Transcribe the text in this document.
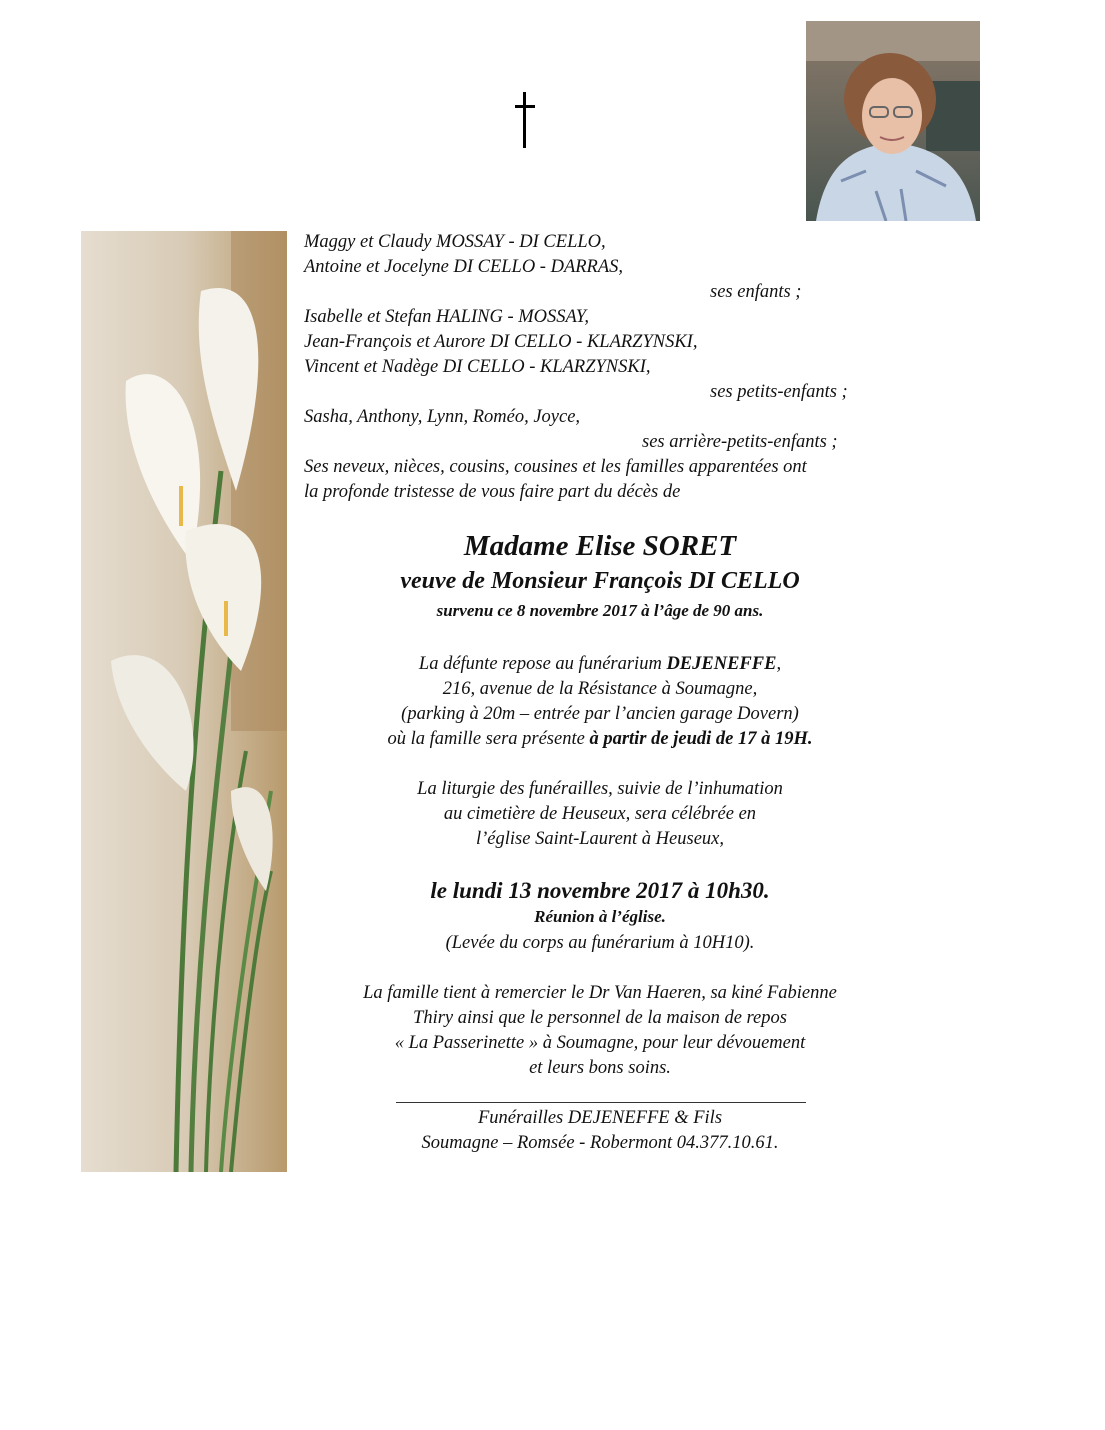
Maggy et Claudy MOSSAY - DI CELLO,

Antoine et Jocelyne DI CELLO - DARRAS,

ses enfants ;

Isabelle et Stefan HALING - MOSSAY,

Jean-François et Aurore DI CELLO - KLARZYNSKI,

Vincent et Nadège DI CELLO - KLARZYNSKI,

ses petits-enfants ;

Sasha, Anthony, Lynn, Roméo, Joyce,

ses arrière-petits-enfants ;

Ses neveux, nièces, cousins, cousines et les familles apparentées ont

la profonde tristesse de vous faire part du décès de

Madame Elise SORET
veuve de Monsieur François DI CELLO
survenu ce 8 novembre 2017 à l’âge de 90 ans.

La défunte repose au funérarium DEJENEFFE,

216, avenue de la Résistance à Soumagne,

(parking à 20m – entrée par l’ancien garage Dovern)

où la famille sera présente à partir de jeudi de 17 à 19H.

La liturgie des funérailles, suivie de l’inhumation

au cimetière de Heuseux, sera célébrée en

l’église Saint-Laurent à Heuseux,

le lundi 13 novembre 2017 à 10h30.
Réunion à l’église.
(Levée du corps au funérarium à 10H10).

La famille tient à remercier le Dr Van Haeren, sa kiné Fabienne

Thiry ainsi que le personnel de la maison de repos

« La Passerinette » à Soumagne, pour leur dévouement

et leurs bons soins.

Funérailles DEJENEFFE & Fils

Soumagne – Romsée - Robermont 04.377.10.61.
